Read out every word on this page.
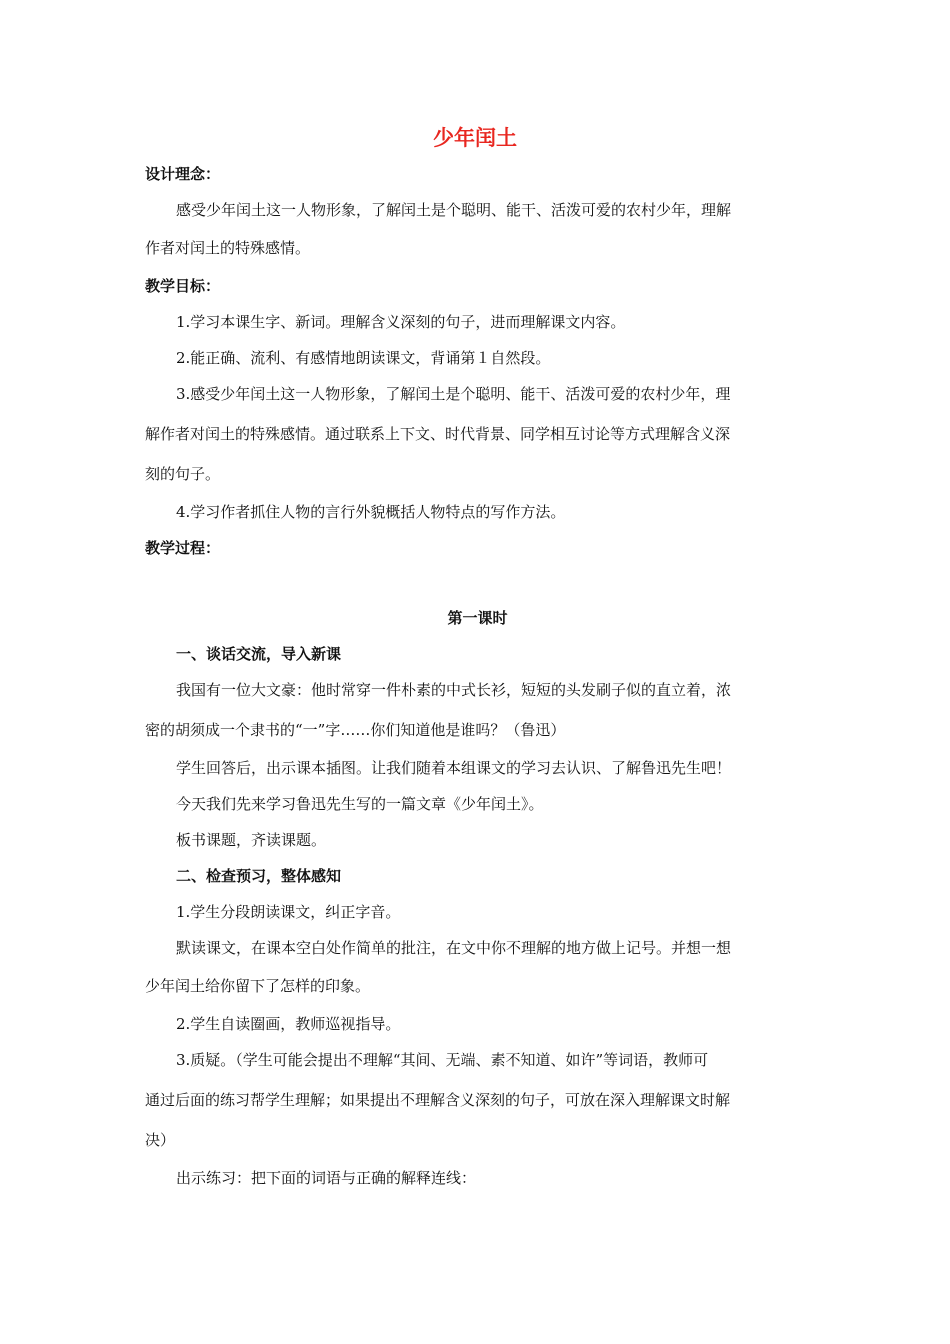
少年闰土
设计理念：
感受少年闰土这一人物形象，了解闰土是个聪明、能干、活泼可爱的农村少年，理解
作者对闰土的特殊感情。
教学目标：
1.学习本课生字、新词。理解含义深刻的句子，进而理解课文内容。
2.能正确、流利、有感情地朗读课文，背诵第１自然段。
3.感受少年闰土这一人物形象，了解闰土是个聪明、能干、活泼可爱的农村少年，理
解作者对闰土的特殊感情。通过联系上下文、时代背景、同学相互讨论等方式理解含义深
刻的句子。
4.学习作者抓住人物的言行外貌概括人物特点的写作方法。
教学过程：
第一课时
一、谈话交流，导入新课
我国有一位大文豪：他时常穿一件朴素的中式长衫，短短的头发刷子似的直立着，浓
密的胡须成一个隶书的“一”字……你们知道他是谁吗？（鲁迅）
学生回答后，出示课本插图。让我们随着本组课文的学习去认识、了解鲁迅先生吧！
今天我们先来学习鲁迅先生写的一篇文章《少年闰土》。
板书课题，齐读课题。
二、检查预习，整体感知
1.学生分段朗读课文，纠正字音。
默读课文，在课本空白处作简单的批注，在文中你不理解的地方做上记号。并想一想
少年闰土给你留下了怎样的印象。
2.学生自读圈画，教师巡视指导。
3.质疑。（学生可能会提出不理解“其间、无端、素不知道、如许”等词语，教师可
通过后面的练习帮学生理解；如果提出不理解含义深刻的句子，可放在深入理解课文时解
决）
出示练习：把下面的词语与正确的解释连线：
